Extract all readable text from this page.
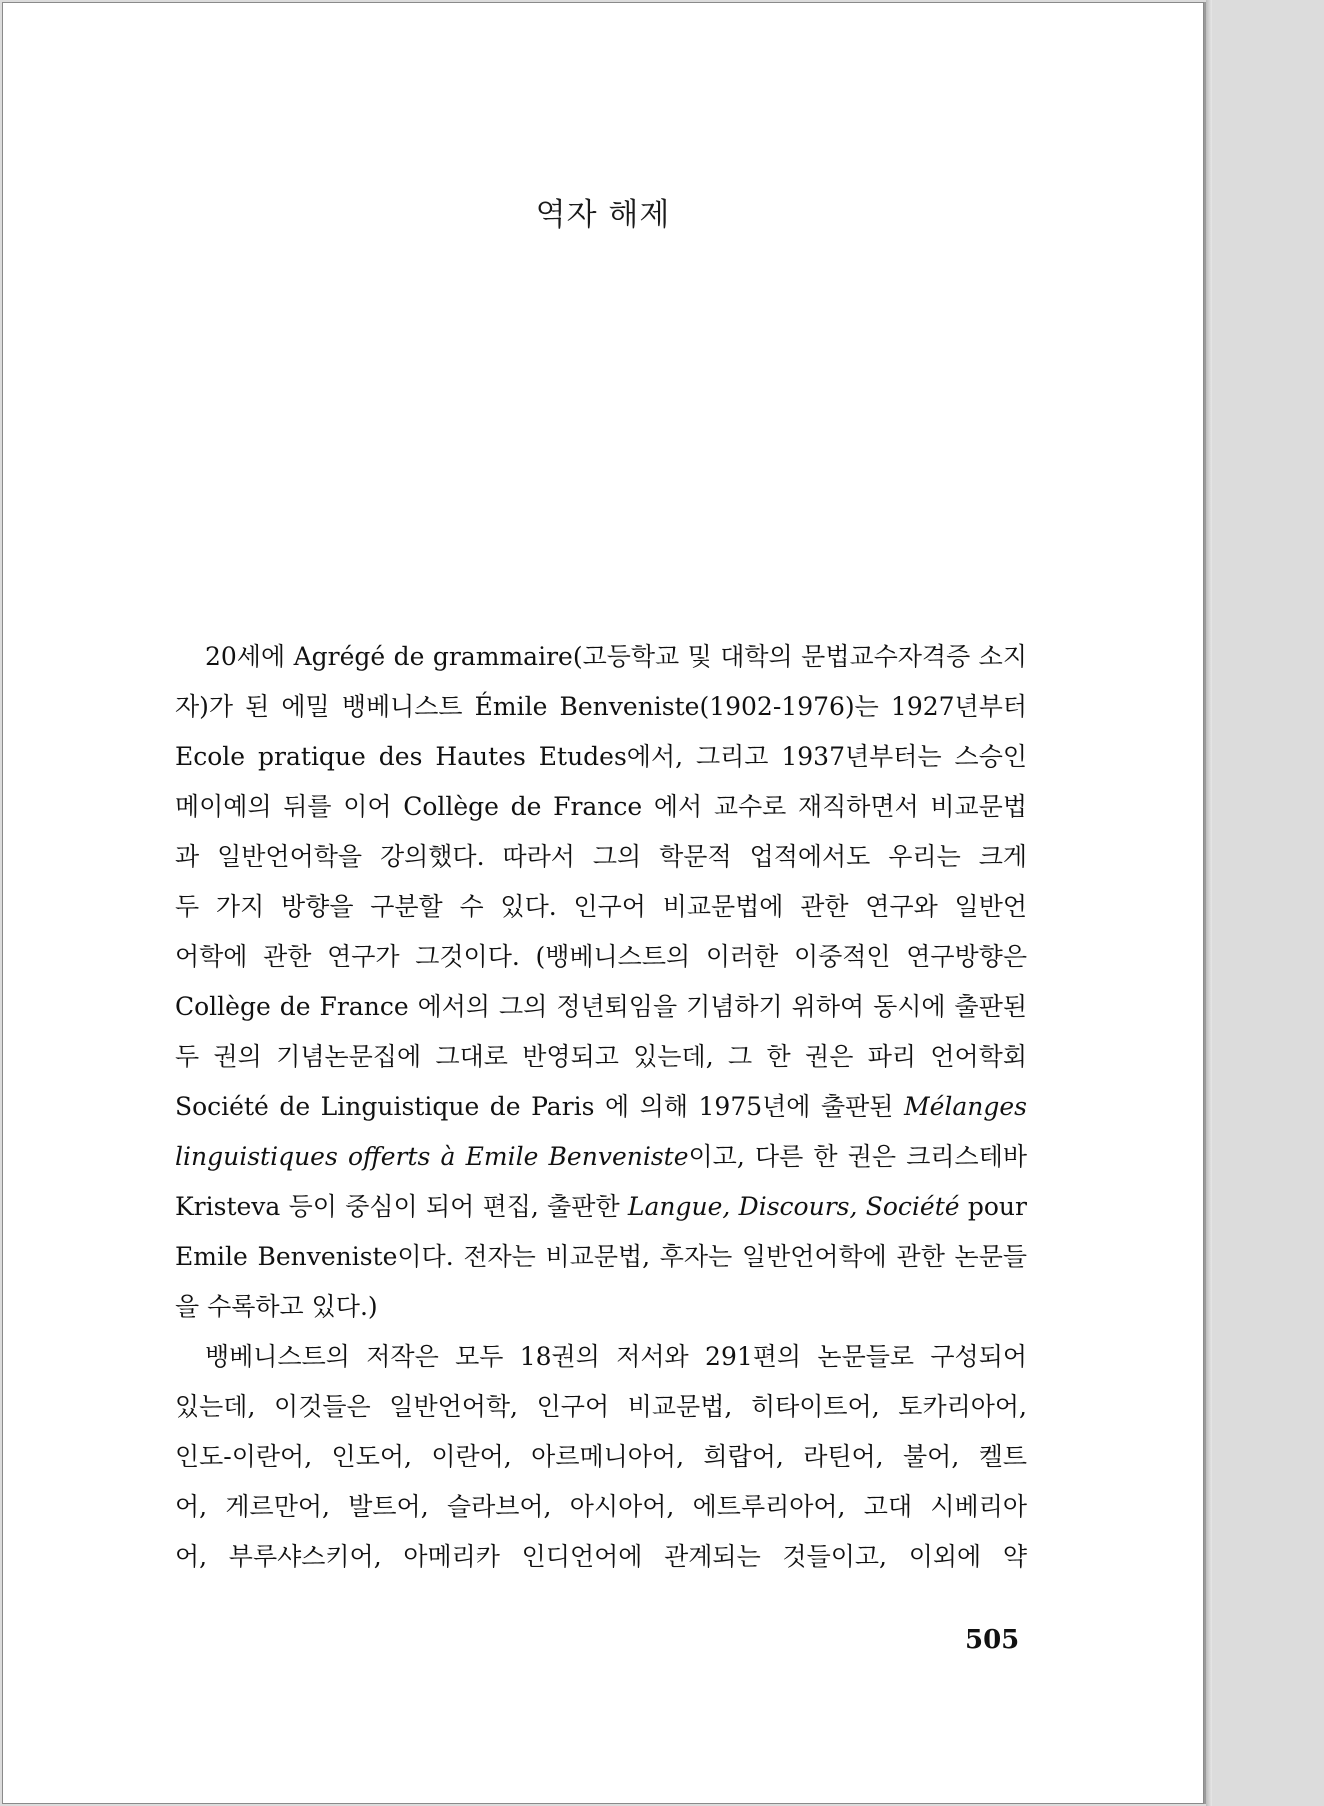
역자 해제
20세에 Agrégé de grammaire(고등학교 및 대학의 문법교수자격증 소지
자)가 된 에밀 뱅베니스트 Émile Benveniste(1902-1976)는 1927년부터
Ecole pratique des Hautes Etudes에서, 그리고 1937년부터는 스승인
메이예의 뒤를 이어 Collège de France 에서 교수로 재직하면서 비교문법
과 일반언어학을 강의했다. 따라서 그의 학문적 업적에서도 우리는 크게
두 가지 방향을 구분할 수 있다. 인구어 비교문법에 관한 연구와 일반언
어학에 관한 연구가 그것이다. (뱅베니스트의 이러한 이중적인 연구방향은
Collège de France 에서의 그의 정년퇴임을 기념하기 위하여 동시에 출판된
두 권의 기념논문집에 그대로 반영되고 있는데, 그 한 권은 파리 언어학회
Société de Linguistique de Paris 에 의해 1975년에 출판된 Mélanges
linguistiques offerts à Emile Benveniste이고, 다른 한 권은 크리스테바
Kristeva 등이 중심이 되어 편집, 출판한 Langue, Discours, Société pour
Emile Benveniste이다. 전자는 비교문법, 후자는 일반언어학에 관한 논문들
을 수록하고 있다.)
뱅베니스트의 저작은 모두 18권의 저서와 291편의 논문들로 구성되어
있는데, 이것들은 일반언어학, 인구어 비교문법, 히타이트어, 토카리아어,
인도-이란어, 인도어, 이란어, 아르메니아어, 희랍어, 라틴어, 불어, 켈트
어, 게르만어, 발트어, 슬라브어, 아시아어, 에트루리아어, 고대 시베리아
어, 부루샤스키어, 아메리카 인디언어에 관계되는 것들이고, 이외에 약
505
